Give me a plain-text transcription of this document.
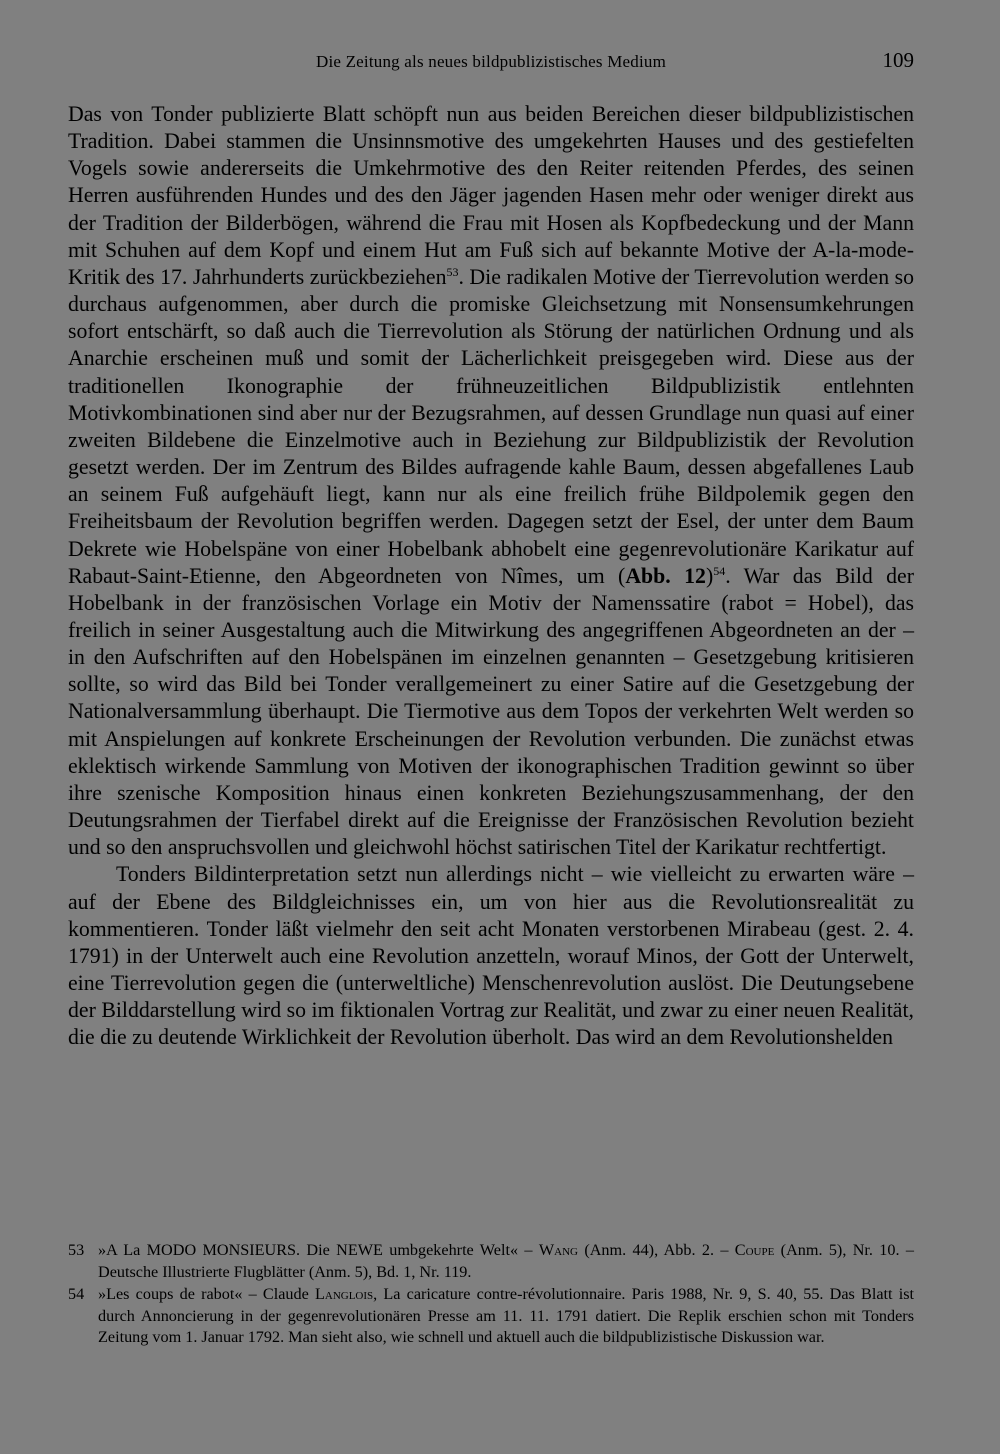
Die Zeitung als neues bildpublizistisches Medium	109

Das von Tonder publizierte Blatt schöpft nun aus beiden Bereichen dieser bildpublizistischen Tradition. Dabei stammen die Unsinnsmotive des umgekehrten Hauses und des gestiefelten Vogels sowie andererseits die Umkehrmotive des den Reiter reitenden Pferdes, des seinen Herren ausführenden Hundes und des den Jäger jagenden Hasen mehr oder weniger direkt aus der Tradition der Bilderbögen, während die Frau mit Hosen als Kopfbedeckung und der Mann mit Schuhen auf dem Kopf und einem Hut am Fuß sich auf bekannte Motive der A-la-mode-Kritik des 17. Jahrhunderts zurückbeziehen$^{53}$. Die radikalen Motive der Tierrevolution werden so durchaus aufgenommen, aber durch die promiske Gleichsetzung mit Nonsensumkehrungen sofort entschärft, so daß auch die Tierrevolution als Störung der natürlichen Ordnung und als Anarchie erscheinen muß und somit der Lächerlichkeit preisgegeben wird. Diese aus der traditionellen Ikonographie der frühneuzeitlichen Bildpublizistik entlehnten Motivkombinationen sind aber nur der Bezugsrahmen, auf dessen Grundlage nun quasi auf einer zweiten Bildebene die Einzelmotive auch in Beziehung zur Bildpublizistik der Revolution gesetzt werden. Der im Zentrum des Bildes aufragende kahle Baum, dessen abgefallenes Laub an seinem Fuß aufgehäuft liegt, kann nur als eine freilich frühe Bildpolemik gegen den Freiheitsbaum der Revolution begriffen werden. Dagegen setzt der Esel, der unter dem Baum Dekrete wie Hobelspäne von einer Hobelbank abhobelt eine gegenrevolutionäre Karikatur auf Rabaut-Saint-Etienne, den Abgeordneten von Nîmes, um (Abb. 12)$^{54}$. War das Bild der Hobelbank in der französischen Vorlage ein Motiv der Namenssatire (rabot = Hobel), das freilich in seiner Ausgestaltung auch die Mitwirkung des angegriffenen Abgeordneten an der – in den Aufschriften auf den Hobelspänen im einzelnen genannten – Gesetzgebung kritisieren sollte, so wird das Bild bei Tonder verallgemeinert zu einer Satire auf die Gesetzgebung der Nationalversammlung überhaupt. Die Tiermotive aus dem Topos der verkehrten Welt werden so mit Anspielungen auf konkrete Erscheinungen der Revolution verbunden. Die zunächst etwas eklektisch wirkende Sammlung von Motiven der ikonographischen Tradition gewinnt so über ihre szenische Komposition hinaus einen konkreten Beziehungszusammenhang, der den Deutungsrahmen der Tierfabel direkt auf die Ereignisse der Französischen Revolution bezieht und so den anspruchsvollen und gleichwohl höchst satirischen Titel der Karikatur rechtfertigt.

Tonders Bildinterpretation setzt nun allerdings nicht – wie vielleicht zu erwarten wäre – auf der Ebene des Bildgleichnisses ein, um von hier aus die Revolutionsrealität zu kommentieren. Tonder läßt vielmehr den seit acht Monaten verstorbenen Mirabeau (gest. 2. 4. 1791) in der Unterwelt auch eine Revolution anzetteln, worauf Minos, der Gott der Unterwelt, eine Tierrevolution gegen die (unterweltliche) Menschenrevolution auslöst. Die Deutungsebene der Bilddarstellung wird so im fiktionalen Vortrag zur Realität, und zwar zu einer neuen Realität, die die zu deutende Wirklichkeit der Revolution überholt. Das wird an dem Revolutionshelden

53 »A La MODO MONSIEURS. Die NEWE umbgekehrte Welt« – Wang (Anm. 44), Abb. 2. – Coupe (Anm. 5), Nr. 10. – Deutsche Illustrierte Flugblätter (Anm. 5), Bd. 1, Nr. 119.
54 »Les coups de rabot« – Claude Langlois, La caricature contre-révolutionnaire. Paris 1988, Nr. 9, S. 40, 55. Das Blatt ist durch Annoncierung in der gegenrevolutionären Presse am 11. 11. 1791 datiert. Die Replik erschien schon mit Tonders Zeitung vom 1. Januar 1792. Man sieht also, wie schnell und aktuell auch die bildpublizistische Diskussion war.
